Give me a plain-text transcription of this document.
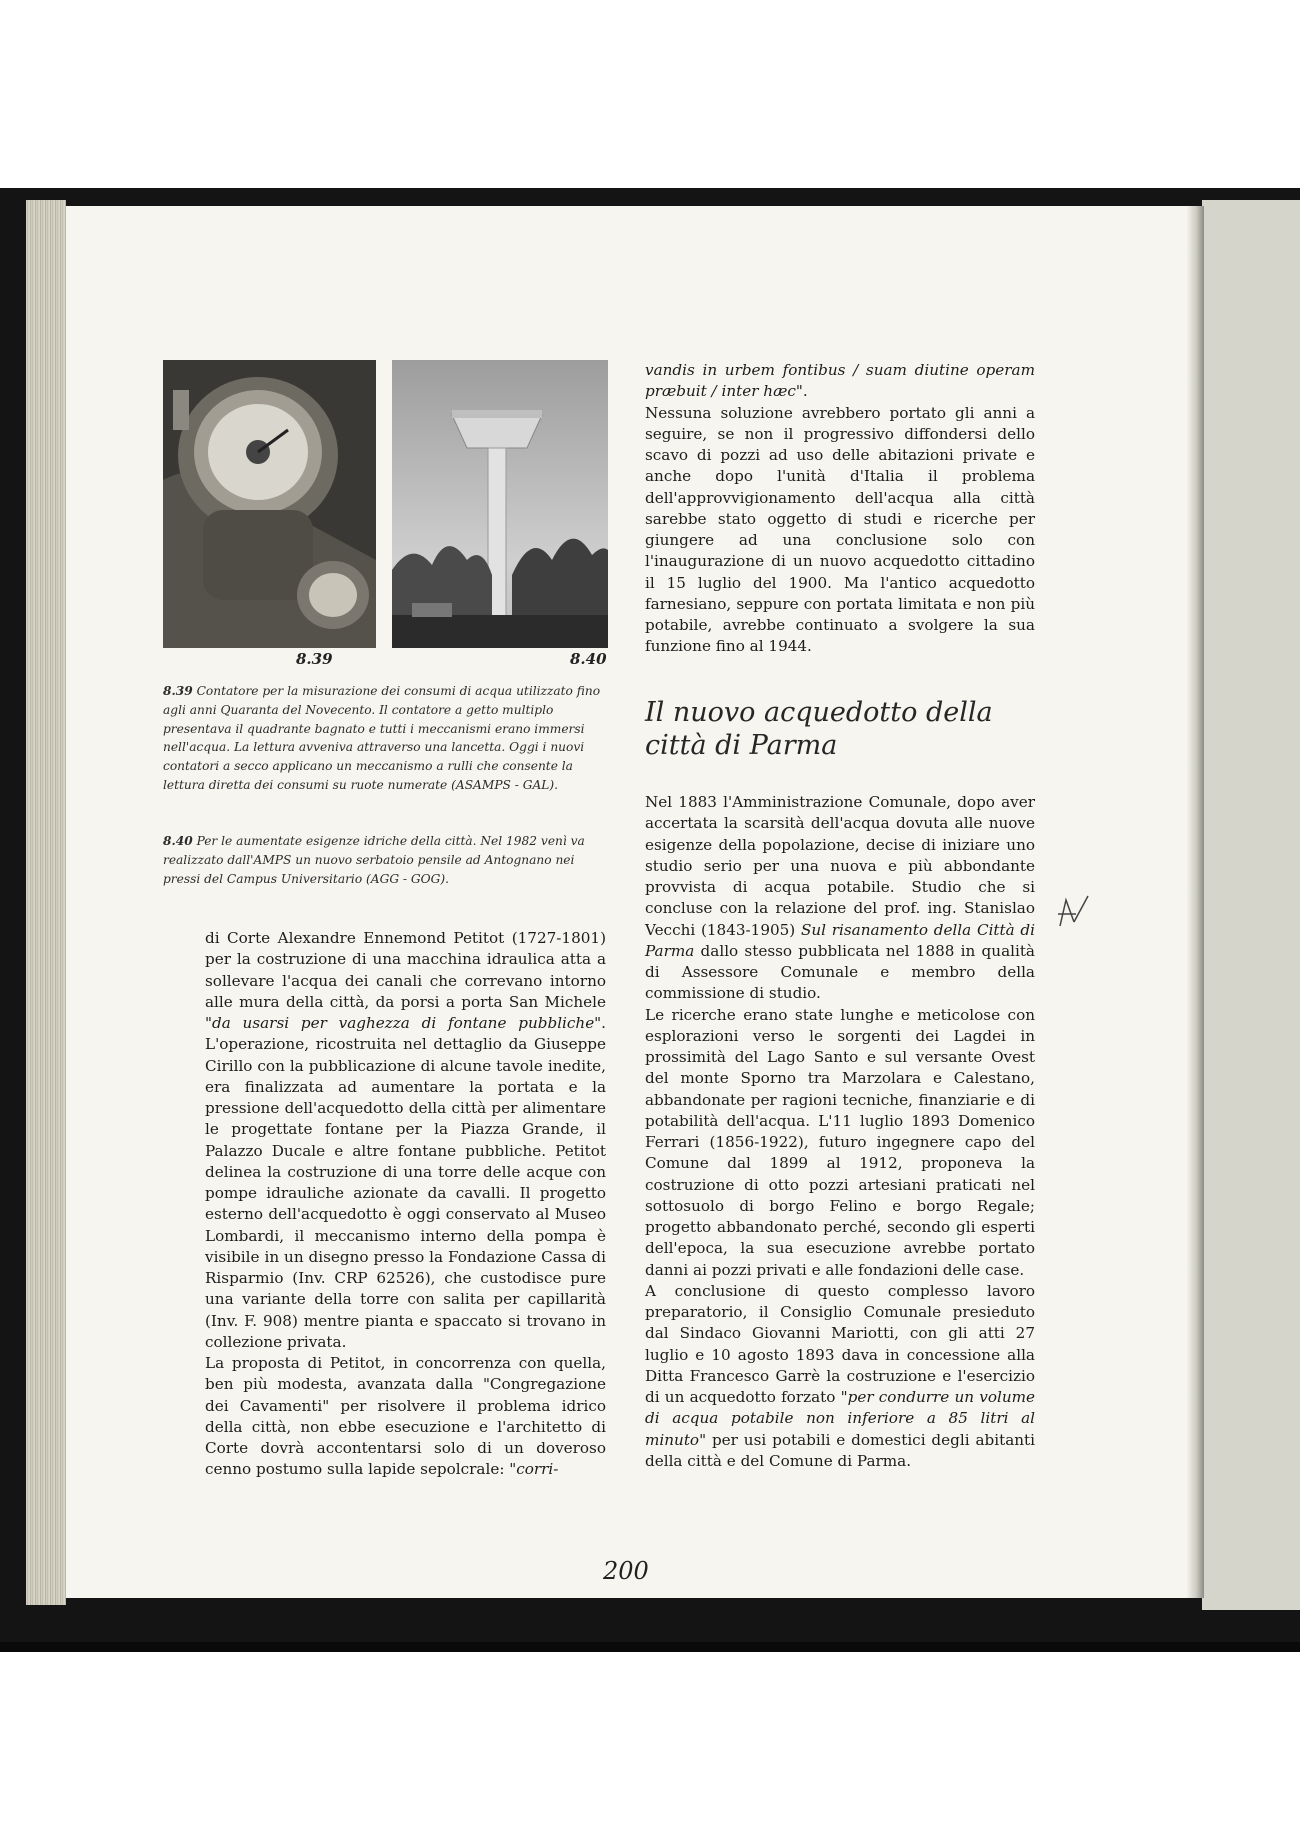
8.39	8.40

8.39 Contatore per la misurazione dei consumi di acqua utilizzato fino agli anni Quaranta del Novecento. Il contatore a getto multiplo presentava il quadrante bagnato e tutti i meccanismi erano immersi nell'acqua. La lettura avveniva attraverso una lancetta. Oggi i nuovi contatori a secco applicano un meccanismo a rulli che consente la lettura diretta dei consumi su ruote numerate (ASAMPS - GAL).

8.40 Per le aumentate esigenze idriche della città. Nel 1982 venì va realizzato dall'AMPS un nuovo serbatoio pensile ad Antognano nei pressi del Campus Universitario (AGG - GOG).

di Corte Alexandre Ennemond Petitot (1727-1801) per la costruzione di una macchina idraulica atta a sollevare l'acqua dei canali che correvano intorno alle mura della città, da porsi a porta San Michele "da usarsi per vaghezza di fontane pubbliche". L'operazione, ricostruita nel dettaglio da Giuseppe Cirillo con la pubblicazione di alcune tavole inedite, era finalizzata ad aumentare la portata e la pressione dell'acquedotto della città per alimentare le progettate fontane per la Piazza Grande, il Palazzo Ducale e altre fontane pubbliche. Petitot delinea la costruzione di una torre delle acque con pompe idrauliche azionate da cavalli. Il progetto esterno dell'acquedotto è oggi conservato al Museo Lombardi, il meccanismo interno della pompa è visibile in un disegno presso la Fondazione Cassa di Risparmio (Inv. CRP 62526), che custodisce pure una variante della torre con salita per capillarità (Inv. F. 908) mentre pianta e spaccato si trovano in collezione privata.

La proposta di Petitot, in concorrenza con quella, ben più modesta, avanzata dalla "Congregazione dei Cavamenti" per risolvere il problema idrico della città, non ebbe esecuzione e l'architetto di Corte dovrà accontentarsi solo di un doveroso cenno postumo sulla lapide sepolcrale: "corri-

vandis in urbem fontibus / suam diutine operam præbuit / inter hæc".

Nessuna soluzione avrebbero portato gli anni a seguire, se non il progressivo diffondersi dello scavo di pozzi ad uso delle abitazioni private e anche dopo l'unità d'Italia il problema dell'approvvigionamento dell'acqua alla città sarebbe stato oggetto di studi e ricerche per giungere ad una conclusione solo con l'inaugurazione di un nuovo acquedotto cittadino il 15 luglio del 1900. Ma l'antico acquedotto farnesiano, seppure con portata limitata e non più potabile, avrebbe continuato a svolgere la sua funzione fino al 1944.

Il nuovo acquedotto della città di Parma

Nel 1883 l'Amministrazione Comunale, dopo aver accertata la scarsità dell'acqua dovuta alle nuove esigenze della popolazione, decise di iniziare uno studio serio per una nuova e più abbondante provvista di acqua potabile. Studio che si concluse con la relazione del prof. ing. Stanislao Vecchi (1843-1905) Sul risanamento della Città di Parma dallo stesso pubblicata nel 1888 in qualità di Assessore Comunale e membro della commissione di studio.

Le ricerche erano state lunghe e meticolose con esplorazioni verso le sorgenti dei Lagdei in prossimità del Lago Santo e sul versante Ovest del monte Sporno tra Marzolara e Calestano, abbandonate per ragioni tecniche, finanziarie e di potabilità dell'acqua. L'11 luglio 1893 Domenico Ferrari (1856-1922), futuro ingegnere capo del Comune dal 1899 al 1912, proponeva la costruzione di otto pozzi artesiani praticati nel sottosuolo di borgo Felino e borgo Regale; progetto abbandonato perché, secondo gli esperti dell'epoca, la sua esecuzione avrebbe portato danni ai pozzi privati e alle fondazioni delle case.

A conclusione di questo complesso lavoro preparatorio, il Consiglio Comunale presieduto dal Sindaco Giovanni Mariotti, con gli atti 27 luglio e 10 agosto 1893 dava in concessione alla Ditta Francesco Garrè la costruzione e l'esercizio di un acquedotto forzato "per condurre un volume di acqua potabile non inferiore a 85 litri al minuto" per usi potabili e domestici degli abitanti della città e del Comune di Parma.

200
